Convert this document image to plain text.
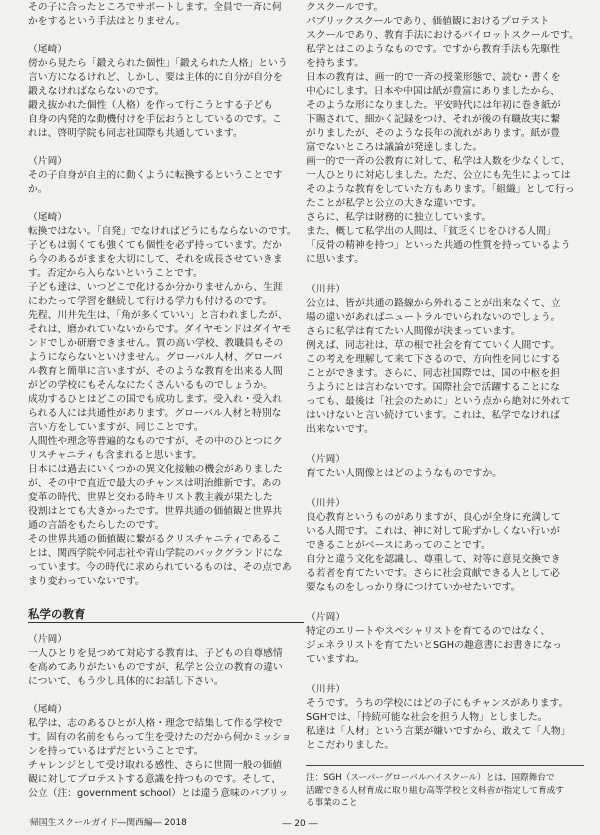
その子に合ったところでサポートします。全員で一斉に何
かをするという手法はとりません。
（尾崎）
傍から見たら「鍛えられた個性」「鍛えられた人格」という
言い方になるけれど、しかし、要は主体的に自分が自分を
鍛えなければならないのです。
鍛え抜かれた個性（人格）を作って行こうとする子ども
自身の内発的な動機付けを手伝おうとしているのです。こ
れは、啓明学院も同志社国際も共通しています。
（片岡）
その子自身が自主的に動くように転換するということです
か。
（尾崎）
転換ではない。「自発」でなければどうにもならないのです。
子どもは弱くても強くても個性を必ず持っています。だか
ら今のあるがままを大切にして、それを成長させていきま
す。否定から入らないということです。
子ども達は、いつどこで化けるか分かりませんから、生涯
にわたって学習を継続して行ける学力も付けるのです。
先程、川井先生は、「角が多くていい」と言われましたが、
それは、磨かれていないからです。ダイヤモンドはダイヤモ
ンドでしか研磨できません。質の高い学校、教職員もその
ようにならないといけません。グローバル人材、グローバ
ル教育と簡単に言いますが、そのような教育を出来る人間
がどの学校にもそんなにたくさんいるものでしょうか。
成功するひとはどこの国でも成功します。受入れ・受入れ
られる人には共通性があります。グローバル人材と特別な
言い方をしていますが、同じことです。
人間性や理念等普遍的なものですが、その中のひとつにク
リスチャニティも含まれると思います。
日本には過去にいくつかの異文化接触の機会がありました
が、その中で直近で最大のチャンスは明治維新です。あの
変革の時代、世界と交わる時キリスト教主義が果たした
役割はとても大きかったです。世界共通の価値観と世界共
通の言語をもたらしたのです。
その世界共通の価値観に繋がるクリスチャニティであるこ
とは、関西学院や同志社や青山学院のバックグランドにな
っています。今の時代に求められているものは、その点であ
まり変わっていないです。
私学の教育
（片岡）
一人ひとりを見つめて対応する教育は、子どもの自尊感情
を高めてありがたいものですが、私学と公立の教育の違い
について、もう少し具体的にお話し下さい。
（尾崎）
私学は、志のあるひとが人格・理念で結集して作る学校で
す。固有の名前をもらって生を受けたのだから何かミッショ
ンを持っているはずだということです。
チャレンジとして受け取れる感性、さらに世間一般の価値
観に対してプロテストする意識を持つものです。そして、
公立（注：government school）とは違う意味のパブリッ
クスクールです。
パブリックスクールであり、価値観におけるプロテスト
スクールであり、教育手法におけるパイロットスクールです。
私学とはこのようなものです。ですから教育手法も先駆性
を持ちます。
日本の教育は、画一的で一斉の授業形態で、読む・書くを
中心にします。日本や中国は紙が豊富にありましたから、
そのような形になりました。平安時代には年初に巻き紙が
下賜されて、細かく記録をつけ、それが後の有職故実に繋
がりましたが、そのような長年の流れがあります。紙が豊
富でないところは議論が発達しました。
画一的で一斉の公教育に対して、私学は人数を少なくして、
一人ひとりに対応しました。ただ、公立にも先生によっては
そのような教育をしていた方もあります。「組織」として行っ
たことが私学と公立の大きな違いです。
さらに、私学は財務的に独立しています。
また、概して私学出の人間は、「貧乏くじをひける人間」
「反骨の精神を持つ」といった共通の性質を持っているよう
に思います。
（川井）
公立は、皆が共通の路線から外れることが出来なくて、立
場の違いがあればニュートラルでいられないのでしょう。
さらに私学は育てたい人間像が決まっています。
例えば、同志社は、草の根で社会を育てていく人間です。
この考えを理解して来て下さるので、方向性を同じにする
ことができます。さらに、同志社国際では、国の中枢を担
うようにとは言わないです。国際社会で活躍することにな
っても、最後は「社会のために」という点から絶対に外れて
はいけないと言い続けています。これは、私学でなければ
出来ないです。
（片岡）
育てたい人間像とはどのようなものですか。
（川井）
良心教育というものがありますが、良心が全身に充満して
いる人間です。これは、神に対して恥ずかしくない行いが
できることがベースにあってのことです。
自分と違う文化を認識し、尊重して、対等に意見交換でき
る若者を育てたいです。さらに社会貢献できる人として必
要なものをしっかり身につけていかせたいです。
（片岡）
特定のエリートやスペシャリストを育てるのではなく、
ジェネラリストを育てたいとSGHの趣意書にお書きになっ
ていますね。
（川井）
そうです。うちの学校にはどの子にもチャンスがあります。
SGHでは、「持続可能な社会を担う人物」としました。
私達は「人材」という言葉が嫌いですから、敢えて「人物」
とこだわりました。
注：SGH（スーパーグローバルハイスクール）とは、国際舞台で
活躍できる人材育成に取り組む高等学校と文科省が指定して育成す
る事業のこと
帰国生スクールガイド―関西編― 2018	― 20 ―
